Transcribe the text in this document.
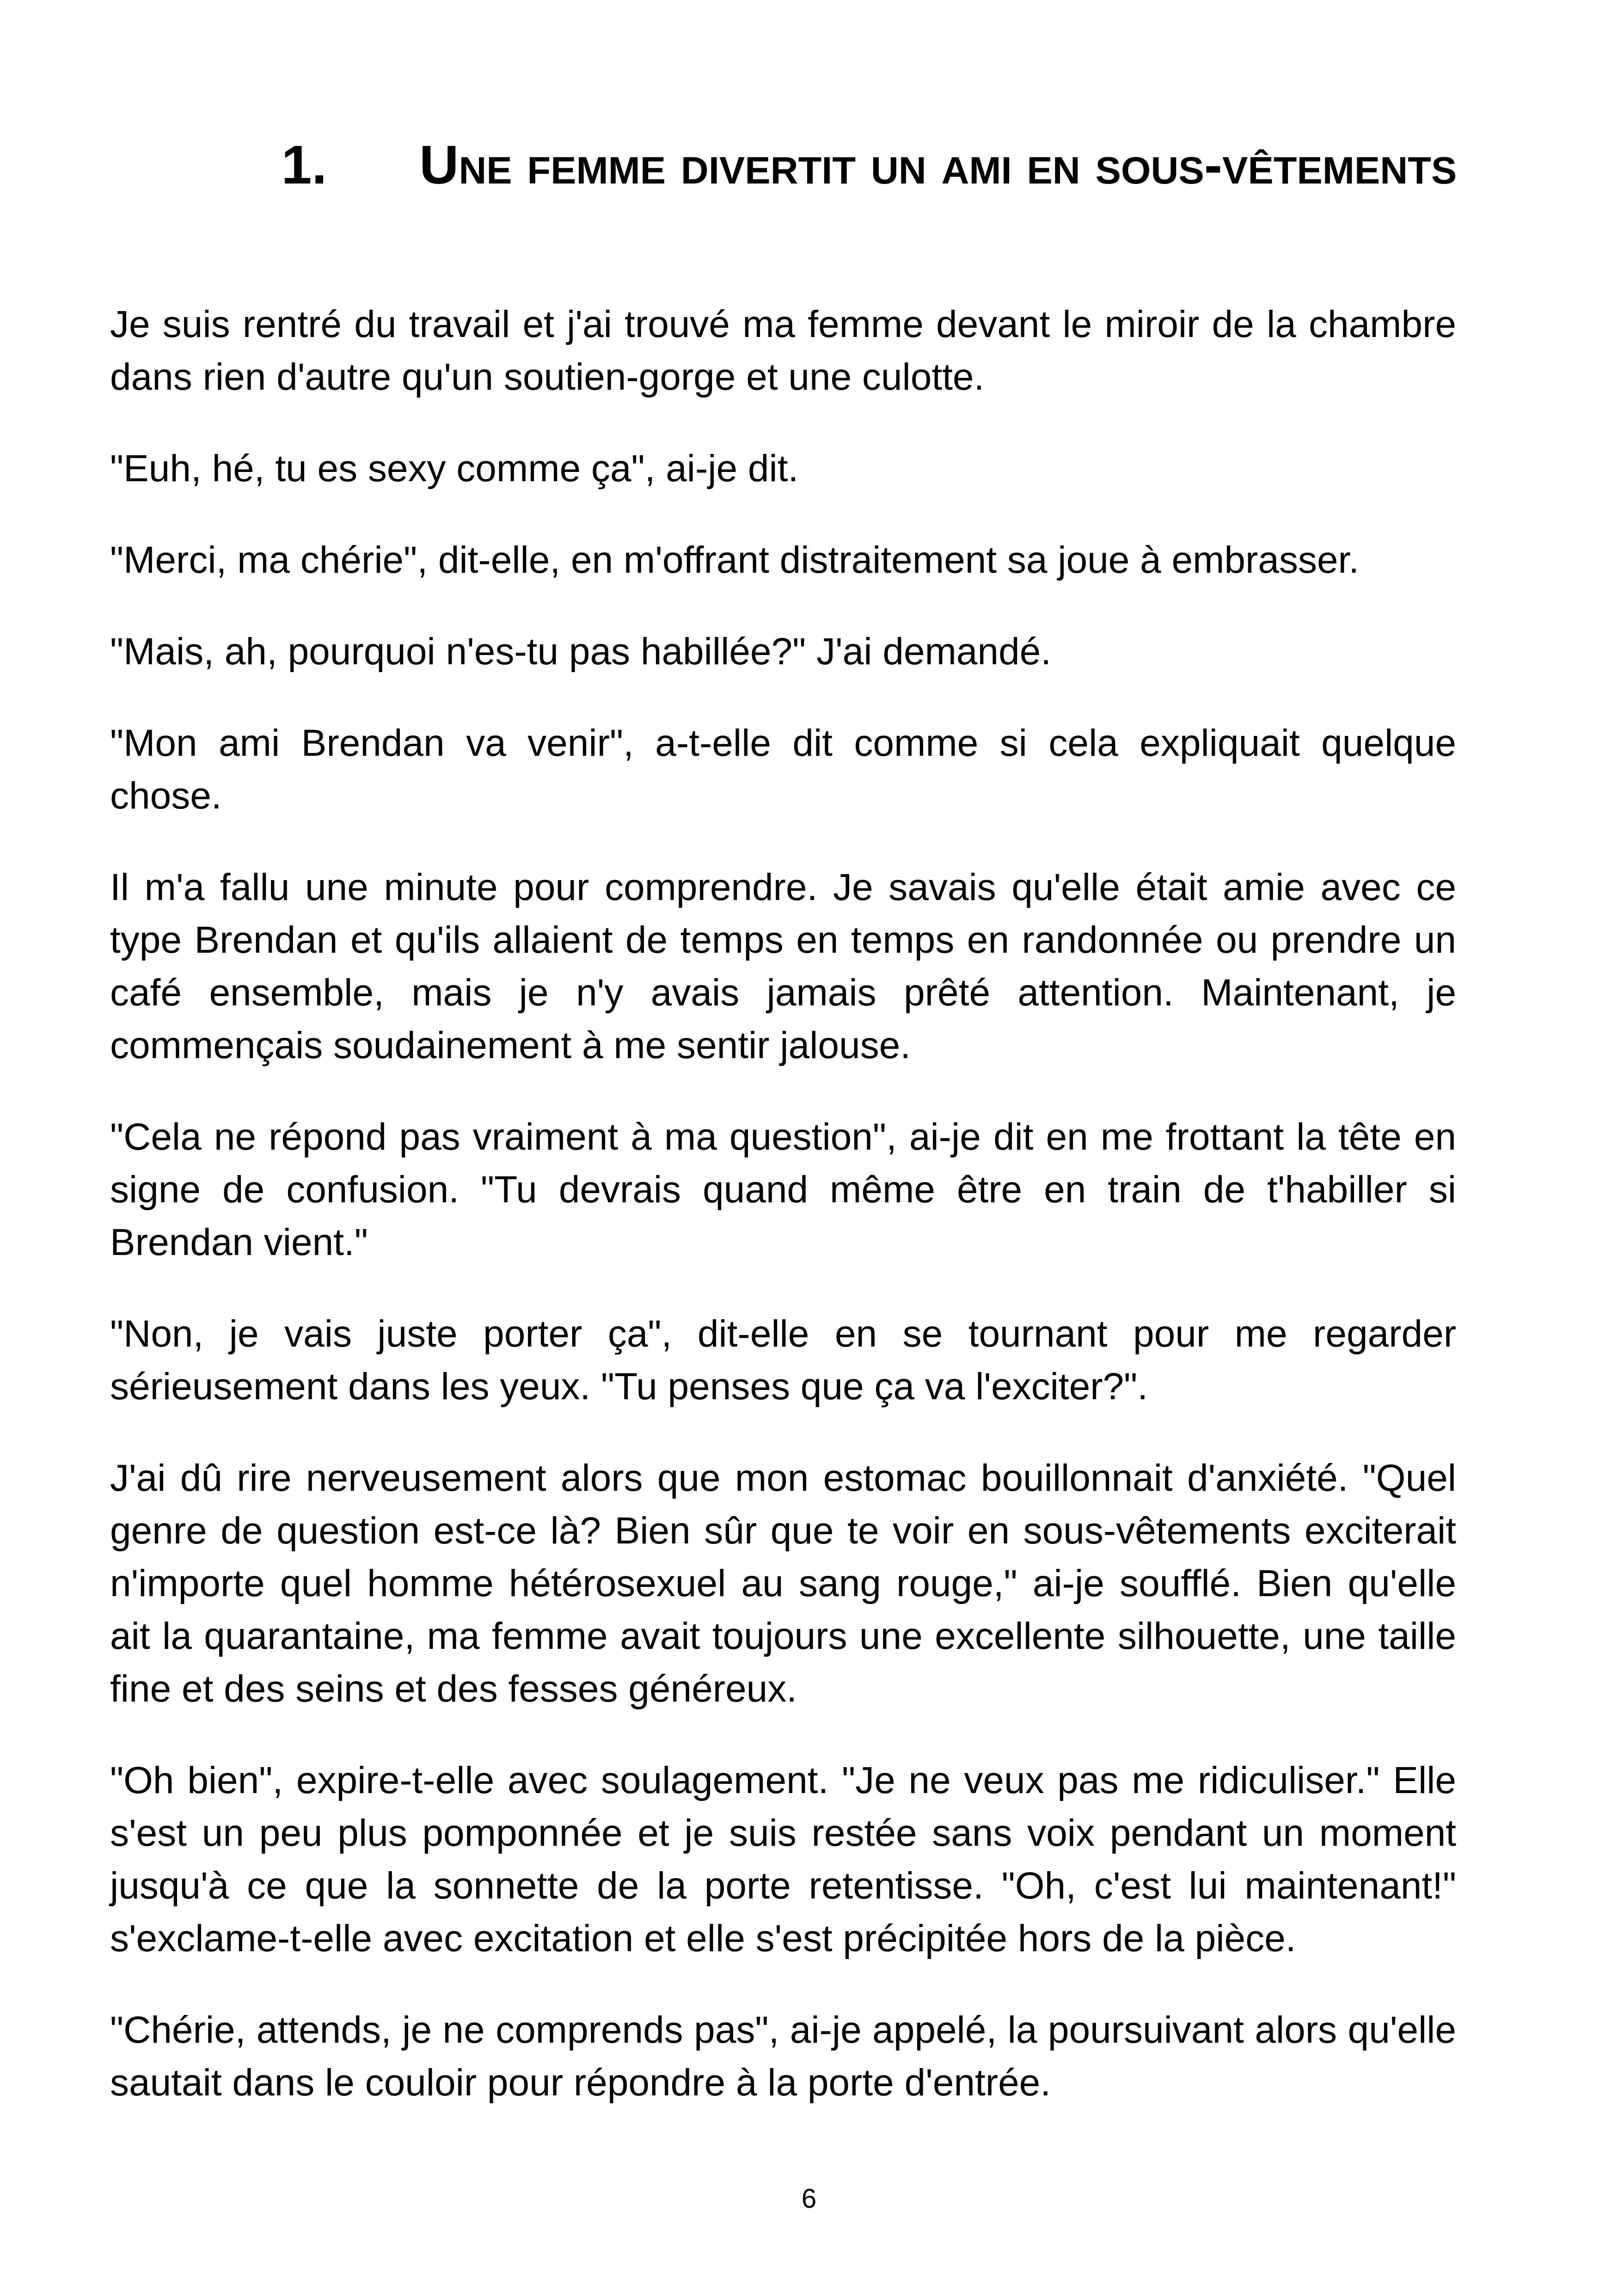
1. Une femme divertit un ami en sous-vêtements

Je suis rentré du travail et j'ai trouvé ma femme devant le miroir de la chambre dans rien d'autre qu'un soutien-gorge et une culotte.

"Euh, hé, tu es sexy comme ça", ai-je dit.

"Merci, ma chérie", dit-elle, en m'offrant distraitement sa joue à embrasser.

"Mais, ah, pourquoi n'es-tu pas habillée?" J'ai demandé.

"Mon ami Brendan va venir", a-t-elle dit comme si cela expliquait quelque chose.

Il m'a fallu une minute pour comprendre. Je savais qu'elle était amie avec ce type Brendan et qu'ils allaient de temps en temps en randonnée ou prendre un café ensemble, mais je n'y avais jamais prêté attention. Maintenant, je commençais soudainement à me sentir jalouse.

"Cela ne répond pas vraiment à ma question", ai-je dit en me frottant la tête en signe de confusion. "Tu devrais quand même être en train de t'habiller si Brendan vient."

"Non, je vais juste porter ça", dit-elle en se tournant pour me regarder sérieusement dans les yeux. "Tu penses que ça va l'exciter?".

J'ai dû rire nerveusement alors que mon estomac bouillonnait d'anxiété. "Quel genre de question est-ce là? Bien sûr que te voir en sous-vêtements exciterait n'importe quel homme hétérosexuel au sang rouge," ai-je soufflé. Bien qu'elle ait la quarantaine, ma femme avait toujours une excellente silhouette, une taille fine et des seins et des fesses généreux.

"Oh bien", expire-t-elle avec soulagement. "Je ne veux pas me ridiculiser." Elle s'est un peu plus pomponnée et je suis restée sans voix pendant un moment jusqu'à ce que la sonnette de la porte retentisse. "Oh, c'est lui maintenant!" s'exclame-t-elle avec excitation et elle s'est précipitée hors de la pièce.

"Chérie, attends, je ne comprends pas", ai-je appelé, la poursuivant alors qu'elle sautait dans le couloir pour répondre à la porte d'entrée.

6
